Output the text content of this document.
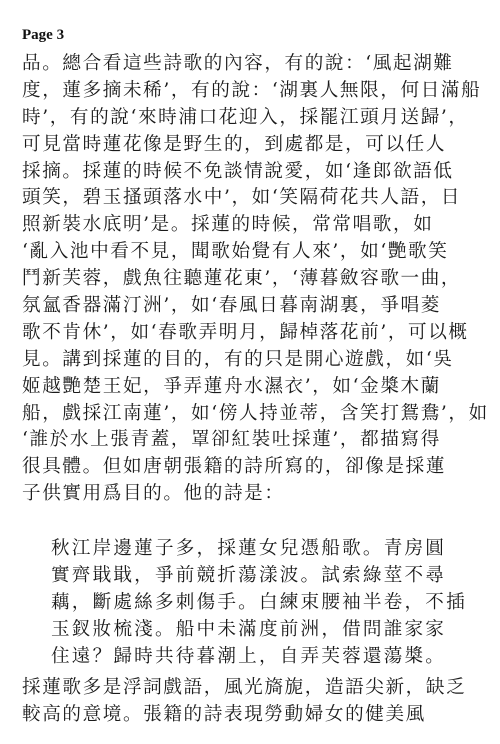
Page 3
品。總合看這些詩歌的內容，有的說：‘風起湖難
度，蓮多摘未稀’，有的說：‘湖裏人無限，何日滿船
時’，有的說‘來時浦口花迎入，採罷江頭月送歸’，
可見當時蓮花像是野生的，到處都是，可以任人
採摘。採蓮的時候不免談情說愛，如‘逢郎欲語低
頭笑，碧玉搔頭落水中’，如‘笑隔荷花共人語，日
照新裝水底明’是。採蓮的時候，常常唱歌，如
‘亂入池中看不見，聞歌始覺有人來’，如‘艷歌笑
鬥新芙蓉，戲魚往聽蓮花東’，‘薄暮斂容歌一曲，
氛氳香器滿汀洲’，如‘春風日暮南湖裏，爭唱菱
歌不肯休’，如‘春歌弄明月，歸棹落花前’，可以概
見。講到採蓮的目的，有的只是開心遊戲，如‘吳
姬越艷楚王妃，爭弄蓮舟水濕衣’，如‘金槳木蘭
船，戲採江南蓮’，如‘傍人持並蒂，含笑打鴛鴦’，如
‘誰於水上張青蓋，罩卻紅裝吐採蓮’，都描寫得
很具體。但如唐朝張籍的詩所寫的，卻像是採蓮
子供實用爲目的。他的詩是：
秋江岸邊蓮子多，採蓮女兒憑船歌。青房圓
實齊戢戢，爭前競折蕩漾波。試索綠莖不尋
藕，斷處絲多刺傷手。白練束腰袖半卷，不插
玉釵妝梳淺。船中未滿度前洲，借問誰家家
住遠？歸時共待暮潮上，自弄芙蓉還蕩槳。
採蓮歌多是浮詞戲語，風光旖旎，造語尖新，缺乏
較高的意境。張籍的詩表現勞動婦女的健美風
